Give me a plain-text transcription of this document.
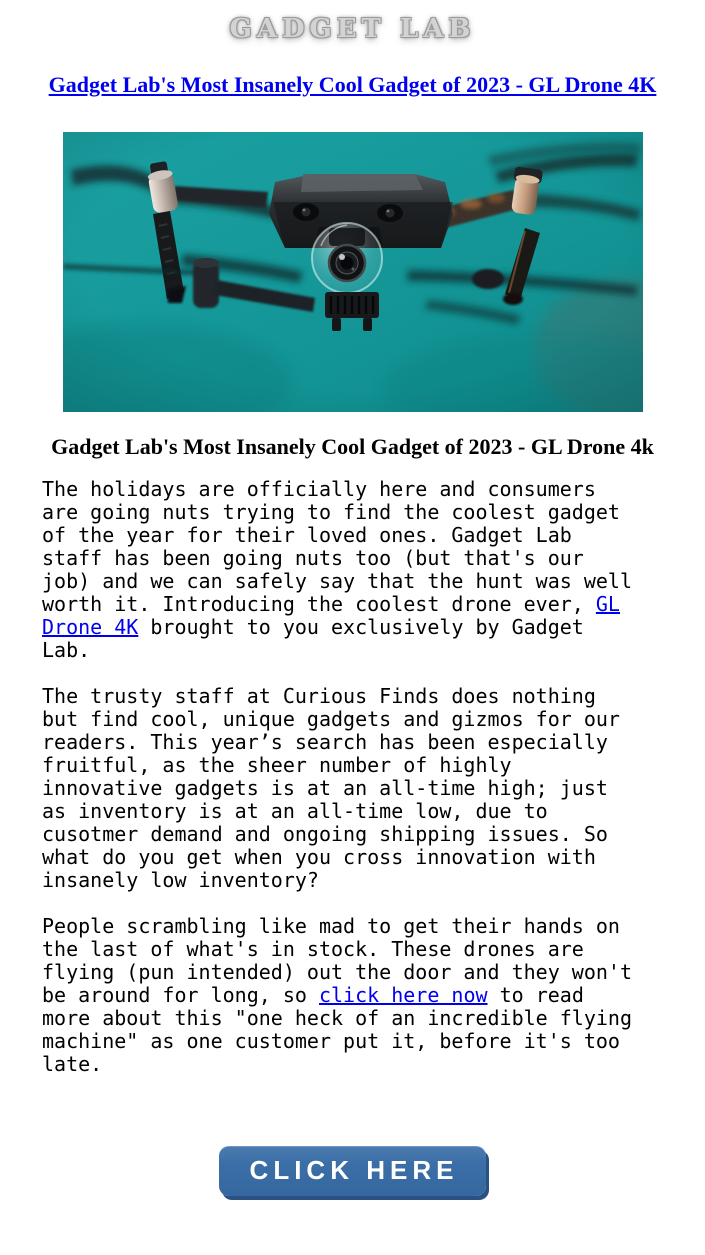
GADGET LAB
Gadget Lab's Most Insanely Cool Gadget of 2023 - GL Drone 4K
Gadget Lab's Most Insanely Cool Gadget of 2023 - GL Drone 4k

The holidays are officially here and consumers are going nuts trying to find the coolest gadget of the year for their loved ones. Gadget Lab staff has been going nuts too (but that's our job) and we can safely say that the hunt was well worth it. Introducing the coolest drone ever, GL Drone 4K brought to you exclusively by Gadget Lab.

The trusty staff at Curious Finds does nothing but find cool, unique gadgets and gizmos for our readers. This year’s search has been especially fruitful, as the sheer number of highly innovative gadgets is at an all-time high; just as inventory is at an all-time low, due to cusotmer demand and ongoing shipping issues. So what do you get when you cross innovation with insanely low inventory?

People scrambling like mad to get their hands on the last of what's in stock. These drones are flying (pun intended) out the door and they won't be around for long, so click here now to read more about this "one heck of an incredible flying machine" as one customer put it, before it's too late.

CLICK HERE
